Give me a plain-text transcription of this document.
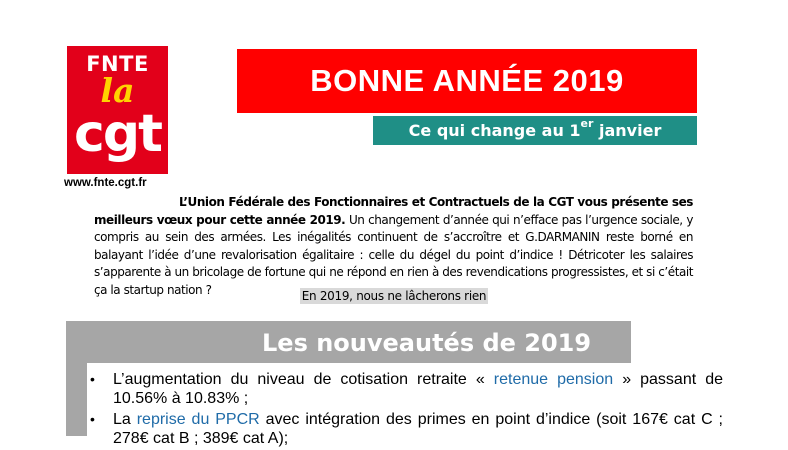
FNTE
la
cgt
www.fnte.cgt.fr
BONNE ANNÉE 2019
Ce qui change au 1er janvier
L’Union Fédérale des Fonctionnaires et Contractuels de la CGT vous présente ses meilleurs vœux pour cette année 2019. Un changement d’année qui n’efface pas l’urgence sociale, y compris au sein des armées. Les inégalités continuent de s’accroître et G.DARMANIN reste borné en balayant l’idée d’une revalorisation égalitaire : celle du dégel du point d’indice ! Détricoter les salaires s’apparente à un bricolage de fortune qui ne répond en rien à des revendications progressistes, et si c’était ça la startup nation ?	En 2019, nous ne lâcherons rien
Les nouveautés de 2019
• L’augmentation du niveau de cotisation retraite « retenue pension » passant de 10.56% à 10.83% ;
• La reprise du PPCR avec intégration des primes en point d’indice (soit 167€ cat C ; 278€ cat B ; 389€ cat A);
